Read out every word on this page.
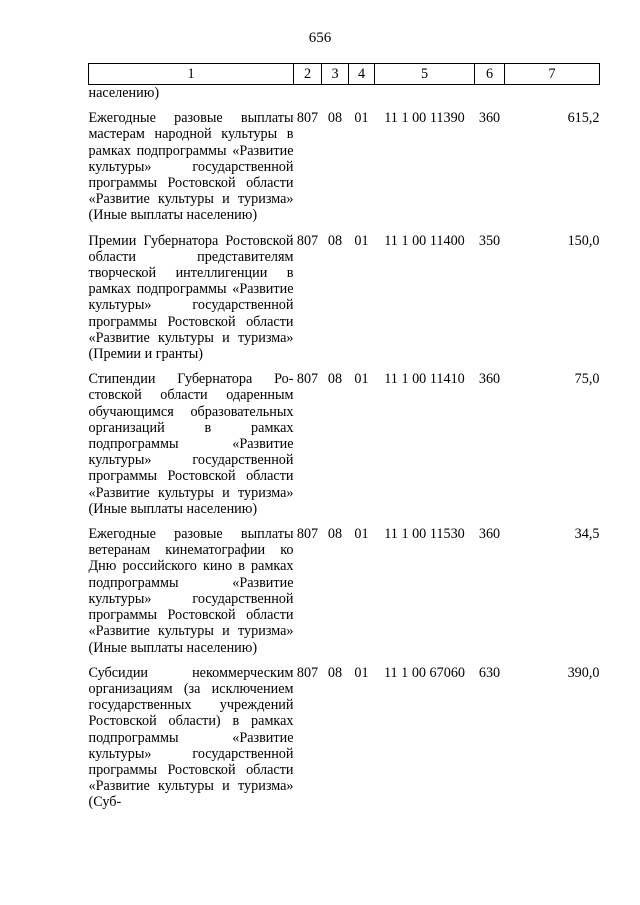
656
1	2	3	4	5	6	7
населению)						
Ежегодные разовые выплаты мастерам народной культуры в рамках подпрограммы «Развитие культуры» государственной программы Ростовской области «Развитие культуры и туризма» (Иные выплаты населению)	807	08	01	11 1 00 11390	360	615,2
Премии Губернатора Ростовской области представителям творческой интеллигенции в рамках подпрограммы «Развитие культуры» государственной программы Ростовской области «Развитие культуры и туризма» (Премии и гранты)	807	08	01	11 1 00 11400	350	150,0
Стипендии Губернатора Ростовской области одаренным обучающимся образовательных организаций в рамках подпрограммы «Развитие культуры» государственной программы Ростовской области «Развитие культуры и туризма» (Иные выплаты населению)	807	08	01	11 1 00 11410	360	75,0
Ежегодные разовые выплаты ветеранам кинематографии ко Дню российского кино в рамках подпрограммы «Развитие культуры» государственной программы Ростовской области «Развитие культуры и туризма» (Иные выплаты населению)	807	08	01	11 1 00 11530	360	34,5
Субсидии некоммерческим организациям (за исключением государственных учреждений Ростовской области) в рамках подпрограммы «Развитие культуры» государственной программы Ростовской области «Развитие культуры и туризма» (Суб-	807	08	01	11 1 00 67060	630	390,0
